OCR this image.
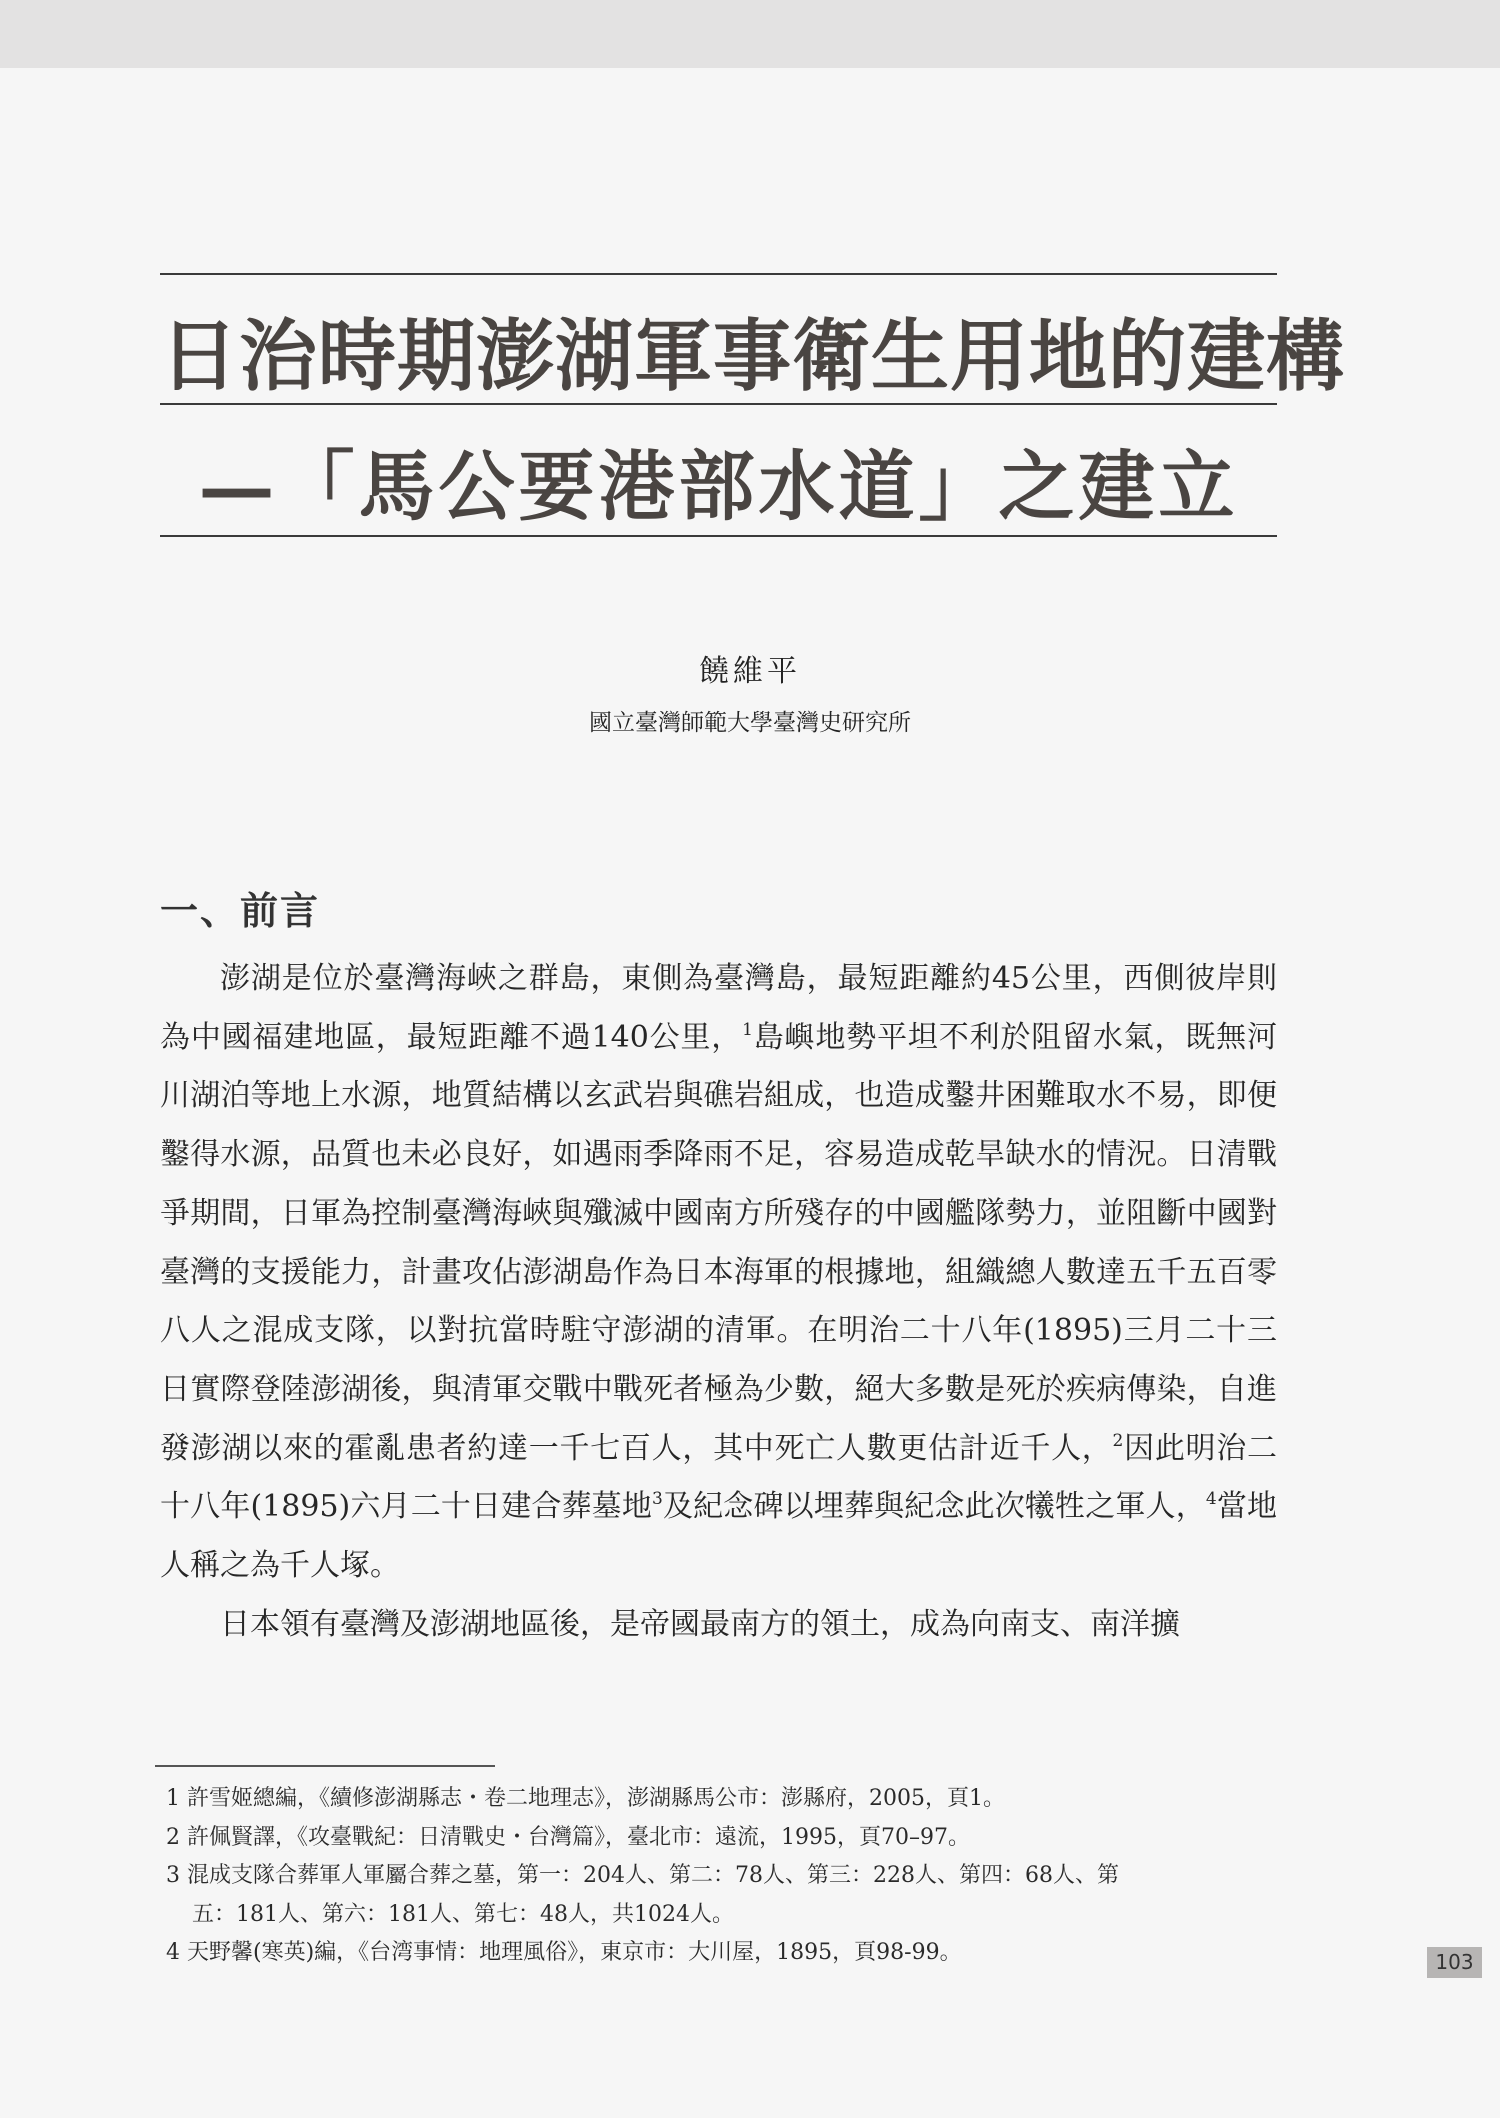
日治時期澎湖軍事衛生用地的建構
—「馬公要港部水道」之建立
饒維平
國立臺灣師範大學臺灣史研究所
一、前言

澎湖是位於臺灣海峽之群島，東側為臺灣島，最短距離約45公里，西側彼岸則為中國福建地區，最短距離不過140公里，$^1$島嶼地勢平坦不利於阻留水氣，既無河川湖泊等地上水源，地質結構以玄武岩與礁岩組成，也造成鑿井困難取水不易，即便鑿得水源，品質也未必良好，如遇雨季降雨不足，容易造成乾旱缺水的情況。日清戰爭期間，日軍為控制臺灣海峽與殲滅中國南方所殘存的中國艦隊勢力，並阻斷中國對臺灣的支援能力，計畫攻佔澎湖島作為日本海軍的根據地，組織總人數達五千五百零八人之混成支隊，以對抗當時駐守澎湖的清軍。在明治二十八年(1895)三月二十三日實際登陸澎湖後，與清軍交戰中戰死者極為少數，絕大多數是死於疾病傳染，自進發澎湖以來的霍亂患者約達一千七百人，其中死亡人數更估計近千人，$^2$因此明治二十八年(1895)六月二十日建合葬墓地$^3$及紀念碑以埋葬與紀念此次犧牲之軍人，$^4$當地人稱之為千人塚。

日本領有臺灣及澎湖地區後，是帝國最南方的領土，成為向南支、南洋擴

1 許雪姬總編，《續修澎湖縣志・卷二地理志》，澎湖縣馬公市：澎縣府，2005，頁1。

2 許佩賢譯，《攻臺戰紀：日清戰史・台灣篇》，臺北市：遠流，1995，頁70–97。

3 混成支隊合葬軍人軍屬合葬之墓，第一：204人、第二：78人、第三：228人、第四：68人、第

五：181人、第六：181人、第七：48人，共1024人。

4 天野馨(寒英)編，《台湾事情：地理風俗》，東京市：大川屋，1895，頁98-99。	103
